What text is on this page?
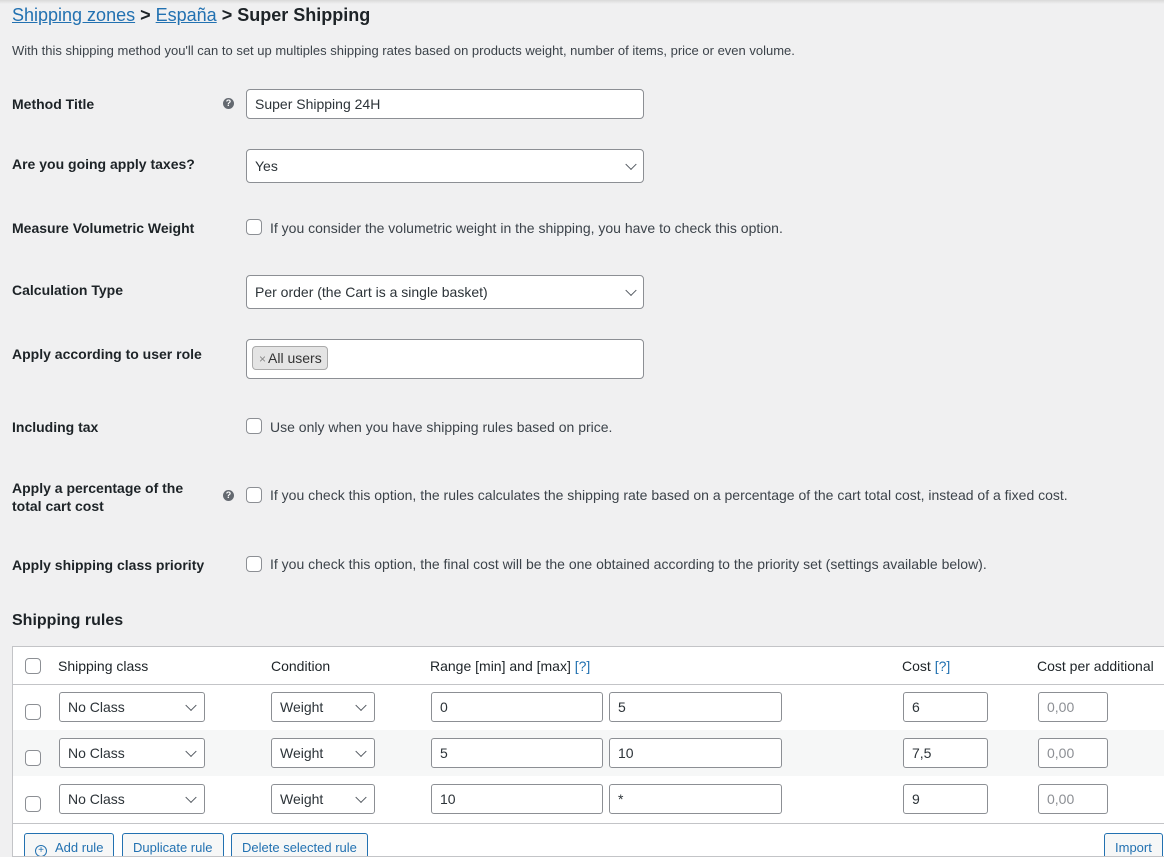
Shipping zones > España > Super Shipping
With this shipping method you'll can to set up multiples shipping rates based on products weight, number of items, price or even volume.
Method Title	?	Super Shipping 24H
Are you going apply taxes?	Yes
Measure Volumetric Weight	If you consider the volumetric weight in the shipping, you have to check this option.
Calculation Type	Per order (the Cart is a single basket)
Apply according to user role	× All users
Including tax	Use only when you have shipping rules based on price.
Apply a percentage of the
total cart cost
?	If you check this option, the rules calculates the shipping rate based on a percentage of the cart total cost, instead of a fixed cost.
Apply shipping class priority	If you check this option, the final cost will be the one obtained according to the priority set (settings available below).
Shipping rules
Shipping class	Condition	Range [min] and [max] [?]	Cost [?]	Cost per additional
No Class	Weight	0	5	6	0,00
No Class	Weight	5	10	7,5	0,00
No Class	Weight	10	*	9	0,00
+ Add rule	Duplicate rule	Delete selected rule	Import
